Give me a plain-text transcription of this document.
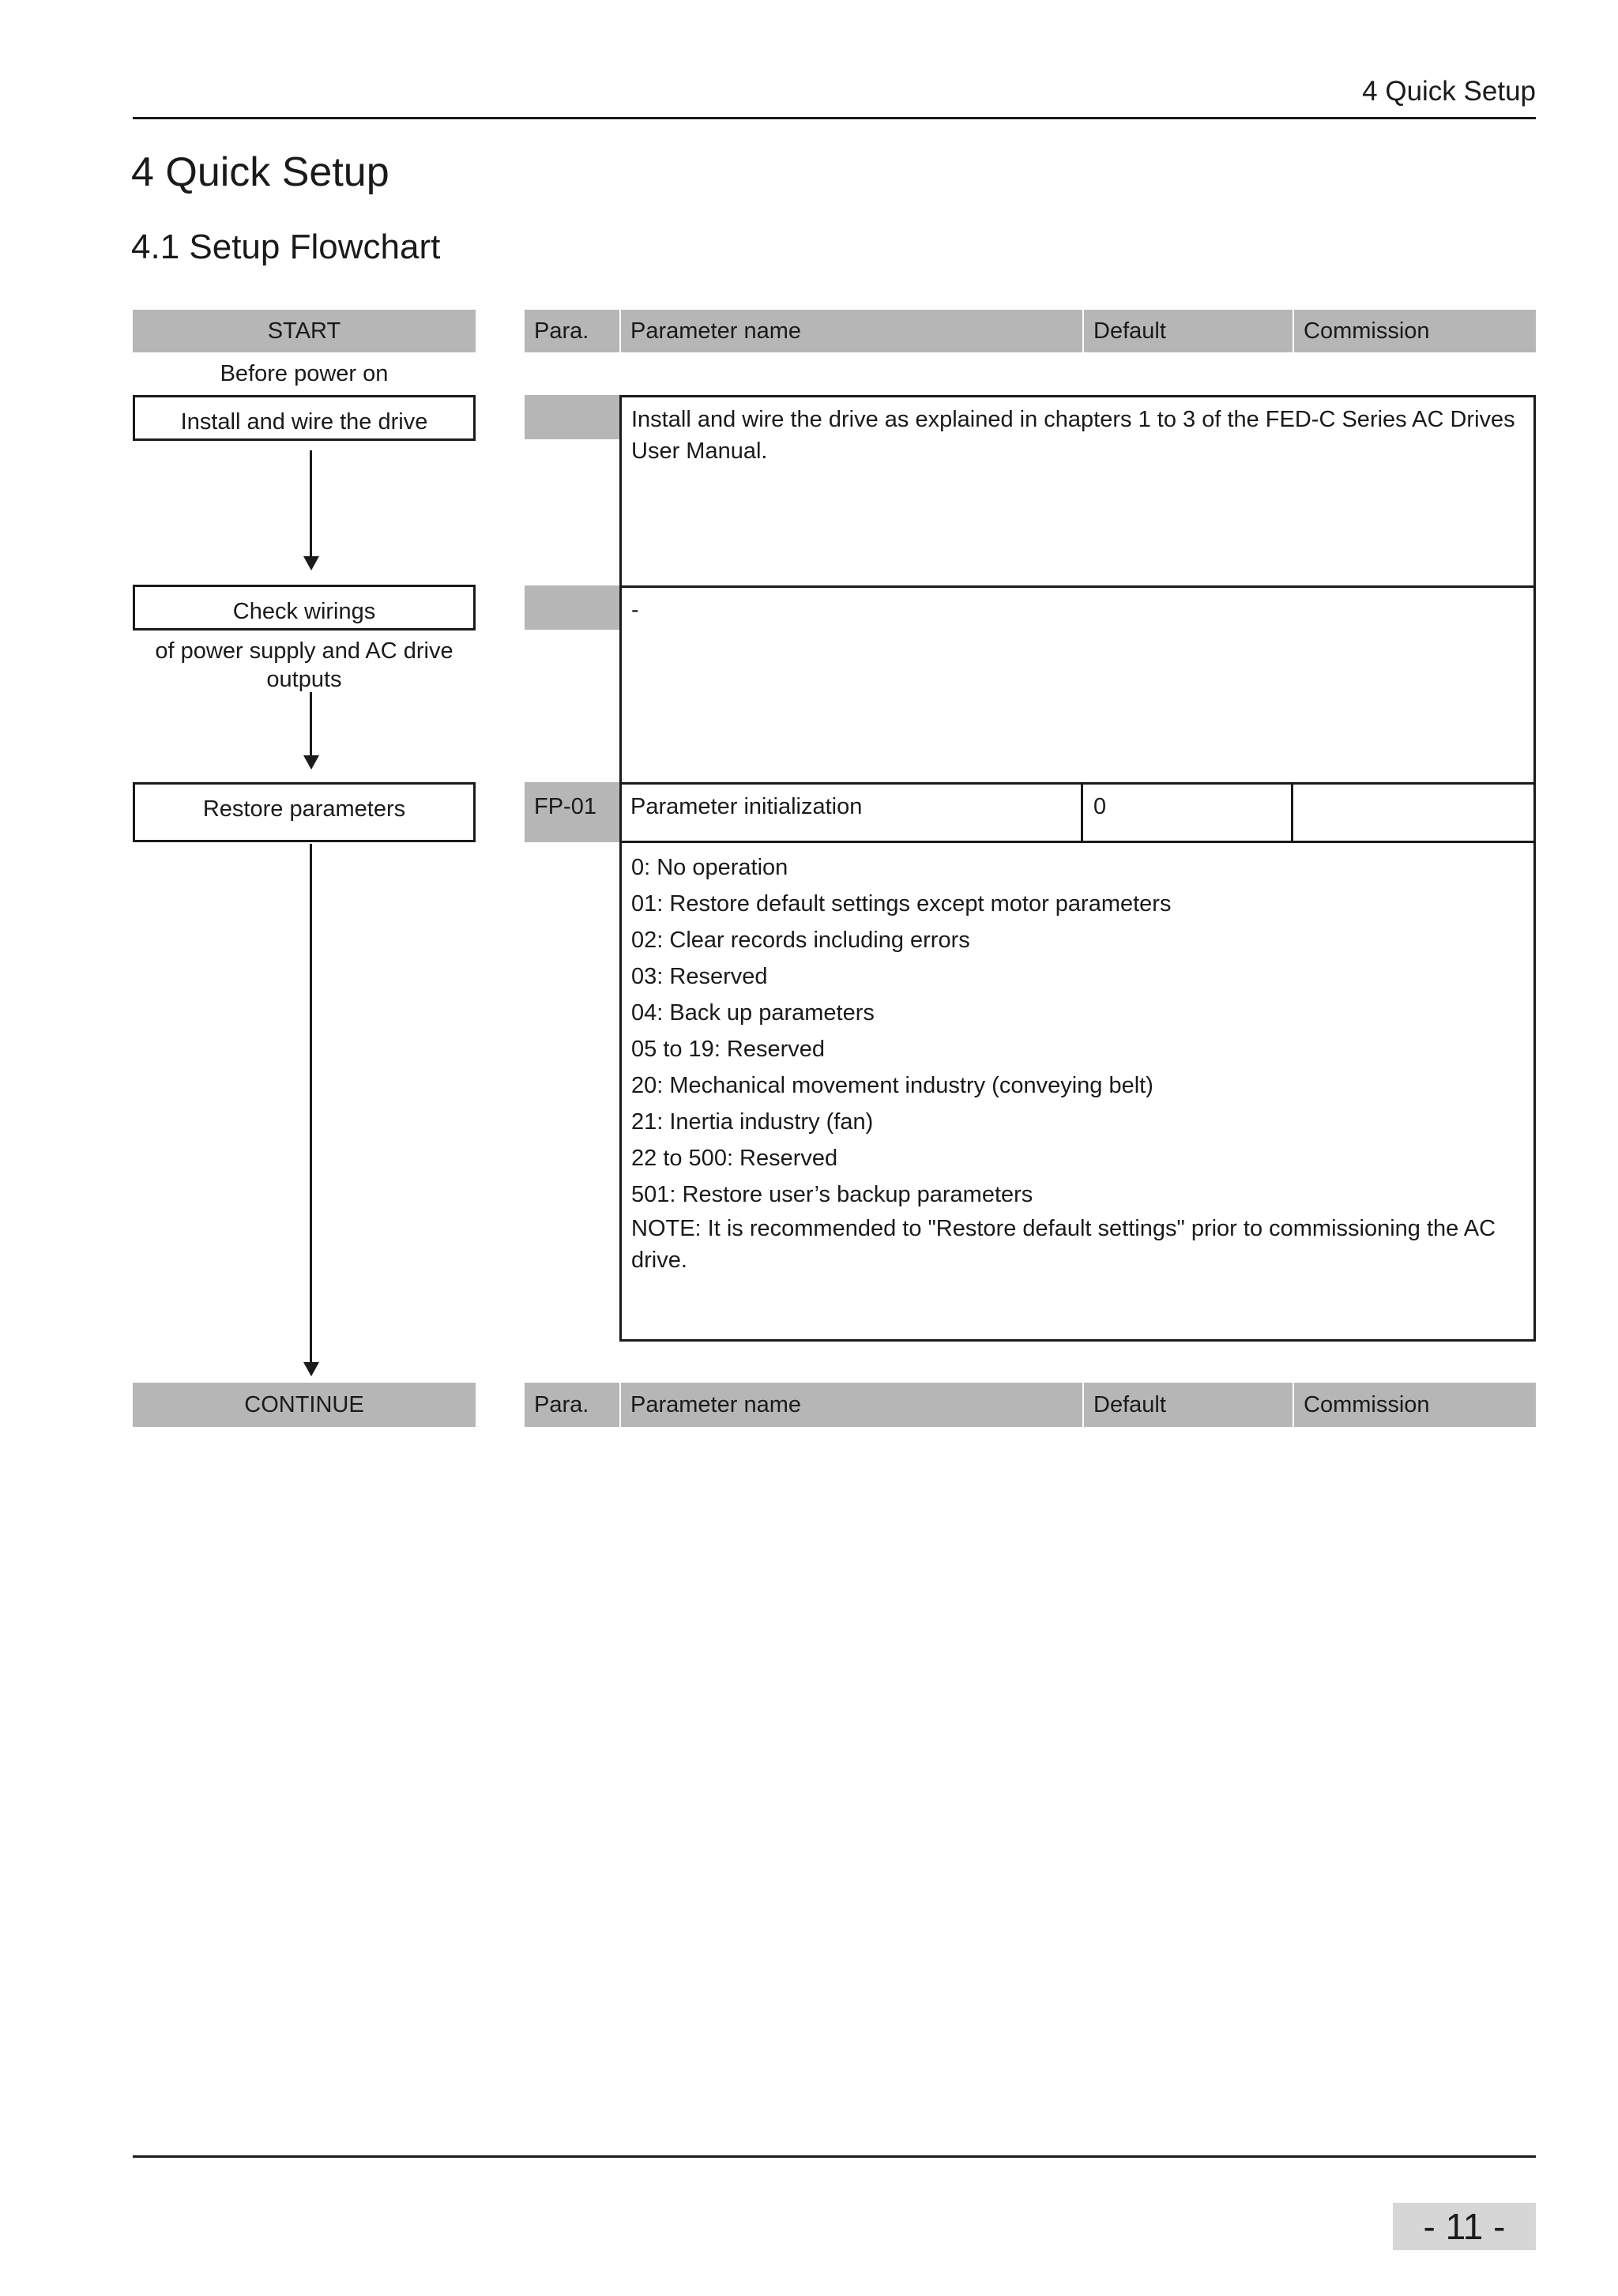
4 Quick Setup
4 Quick Setup
4.1 Setup Flowchart
START
Before power on
Install and wire the drive
Check wirings
of power supply and AC drive outputs
Restore parameters
CONTINUE
Para.	Parameter name	Default	Commission
Install and wire the drive as explained in chapters 1 to 3 of the FED-C Series AC Drives User Manual.
-
FP-01	Parameter initialization	0
0: No operation
01: Restore default settings except motor parameters
02: Clear records including errors
03: Reserved
04: Back up parameters
05 to 19: Reserved
20: Mechanical movement industry (conveying belt)
21: Inertia industry (fan)
22 to 500: Reserved
501: Restore user’s backup parameters
NOTE: It is recommended to "Restore default settings" prior to commissioning the AC drive.
Para.	Parameter name	Default	Commission
- 11 -
